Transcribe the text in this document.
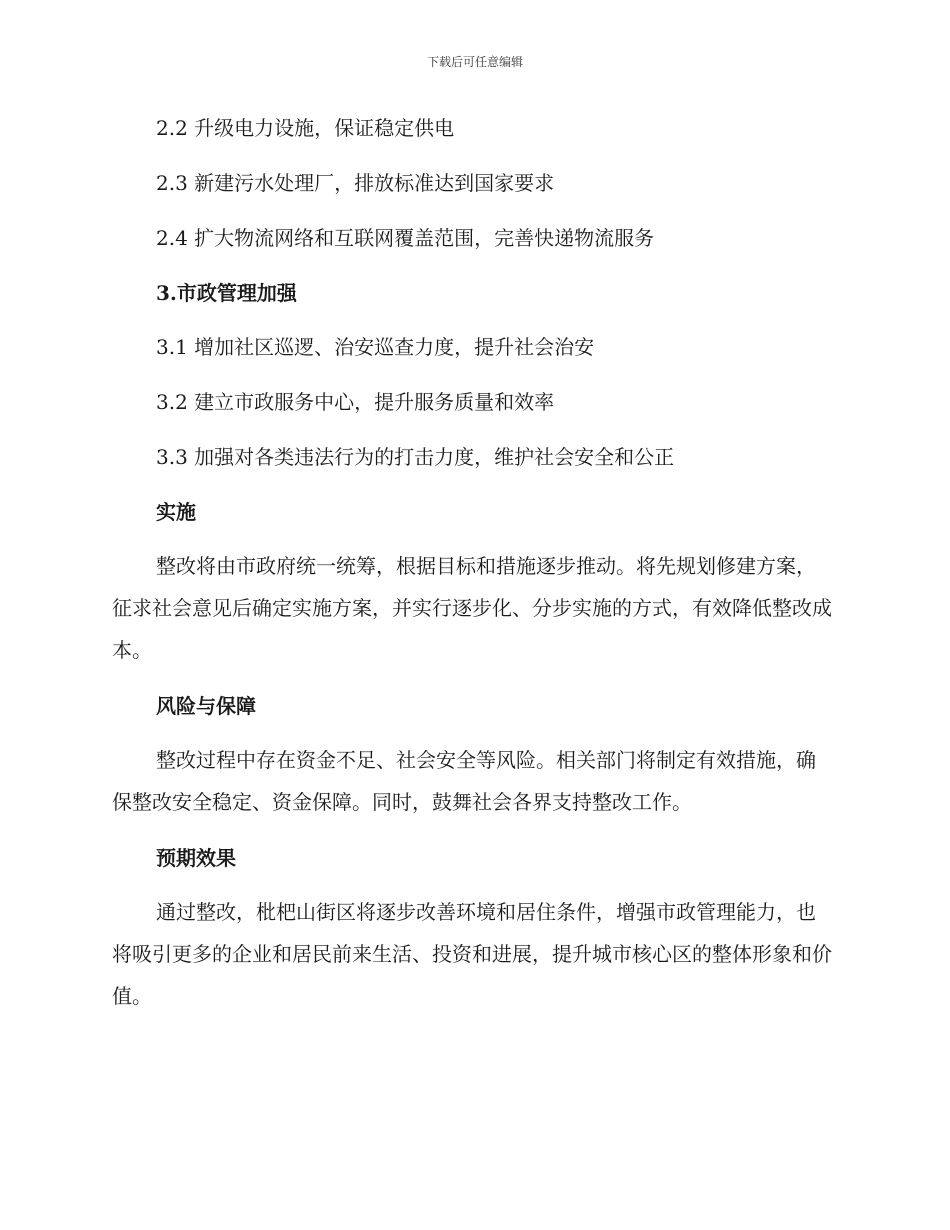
下载后可任意编辑
2.2 升级电力设施，保证稳定供电
2.3 新建污水处理厂，排放标准达到国家要求
2.4 扩大物流网络和互联网覆盖范围，完善快递物流服务
3.市政管理加强
3.1 增加社区巡逻、治安巡查力度，提升社会治安
3.2 建立市政服务中心，提升服务质量和效率
3.3 加强对各类违法行为的打击力度，维护社会安全和公正
实施
整改将由市政府统一统筹，根据目标和措施逐步推动。将先规划修建方案，征求社会意见后确定实施方案，并实行逐步化、分步实施的方式，有效降低整改成本。
风险与保障
整改过程中存在资金不足、社会安全等风险。相关部门将制定有效措施，确保整改安全稳定、资金保障。同时，鼓舞社会各界支持整改工作。
预期效果
通过整改，枇杷山街区将逐步改善环境和居住条件，增强市政管理能力，也将吸引更多的企业和居民前来生活、投资和进展，提升城市核心区的整体形象和价值。
